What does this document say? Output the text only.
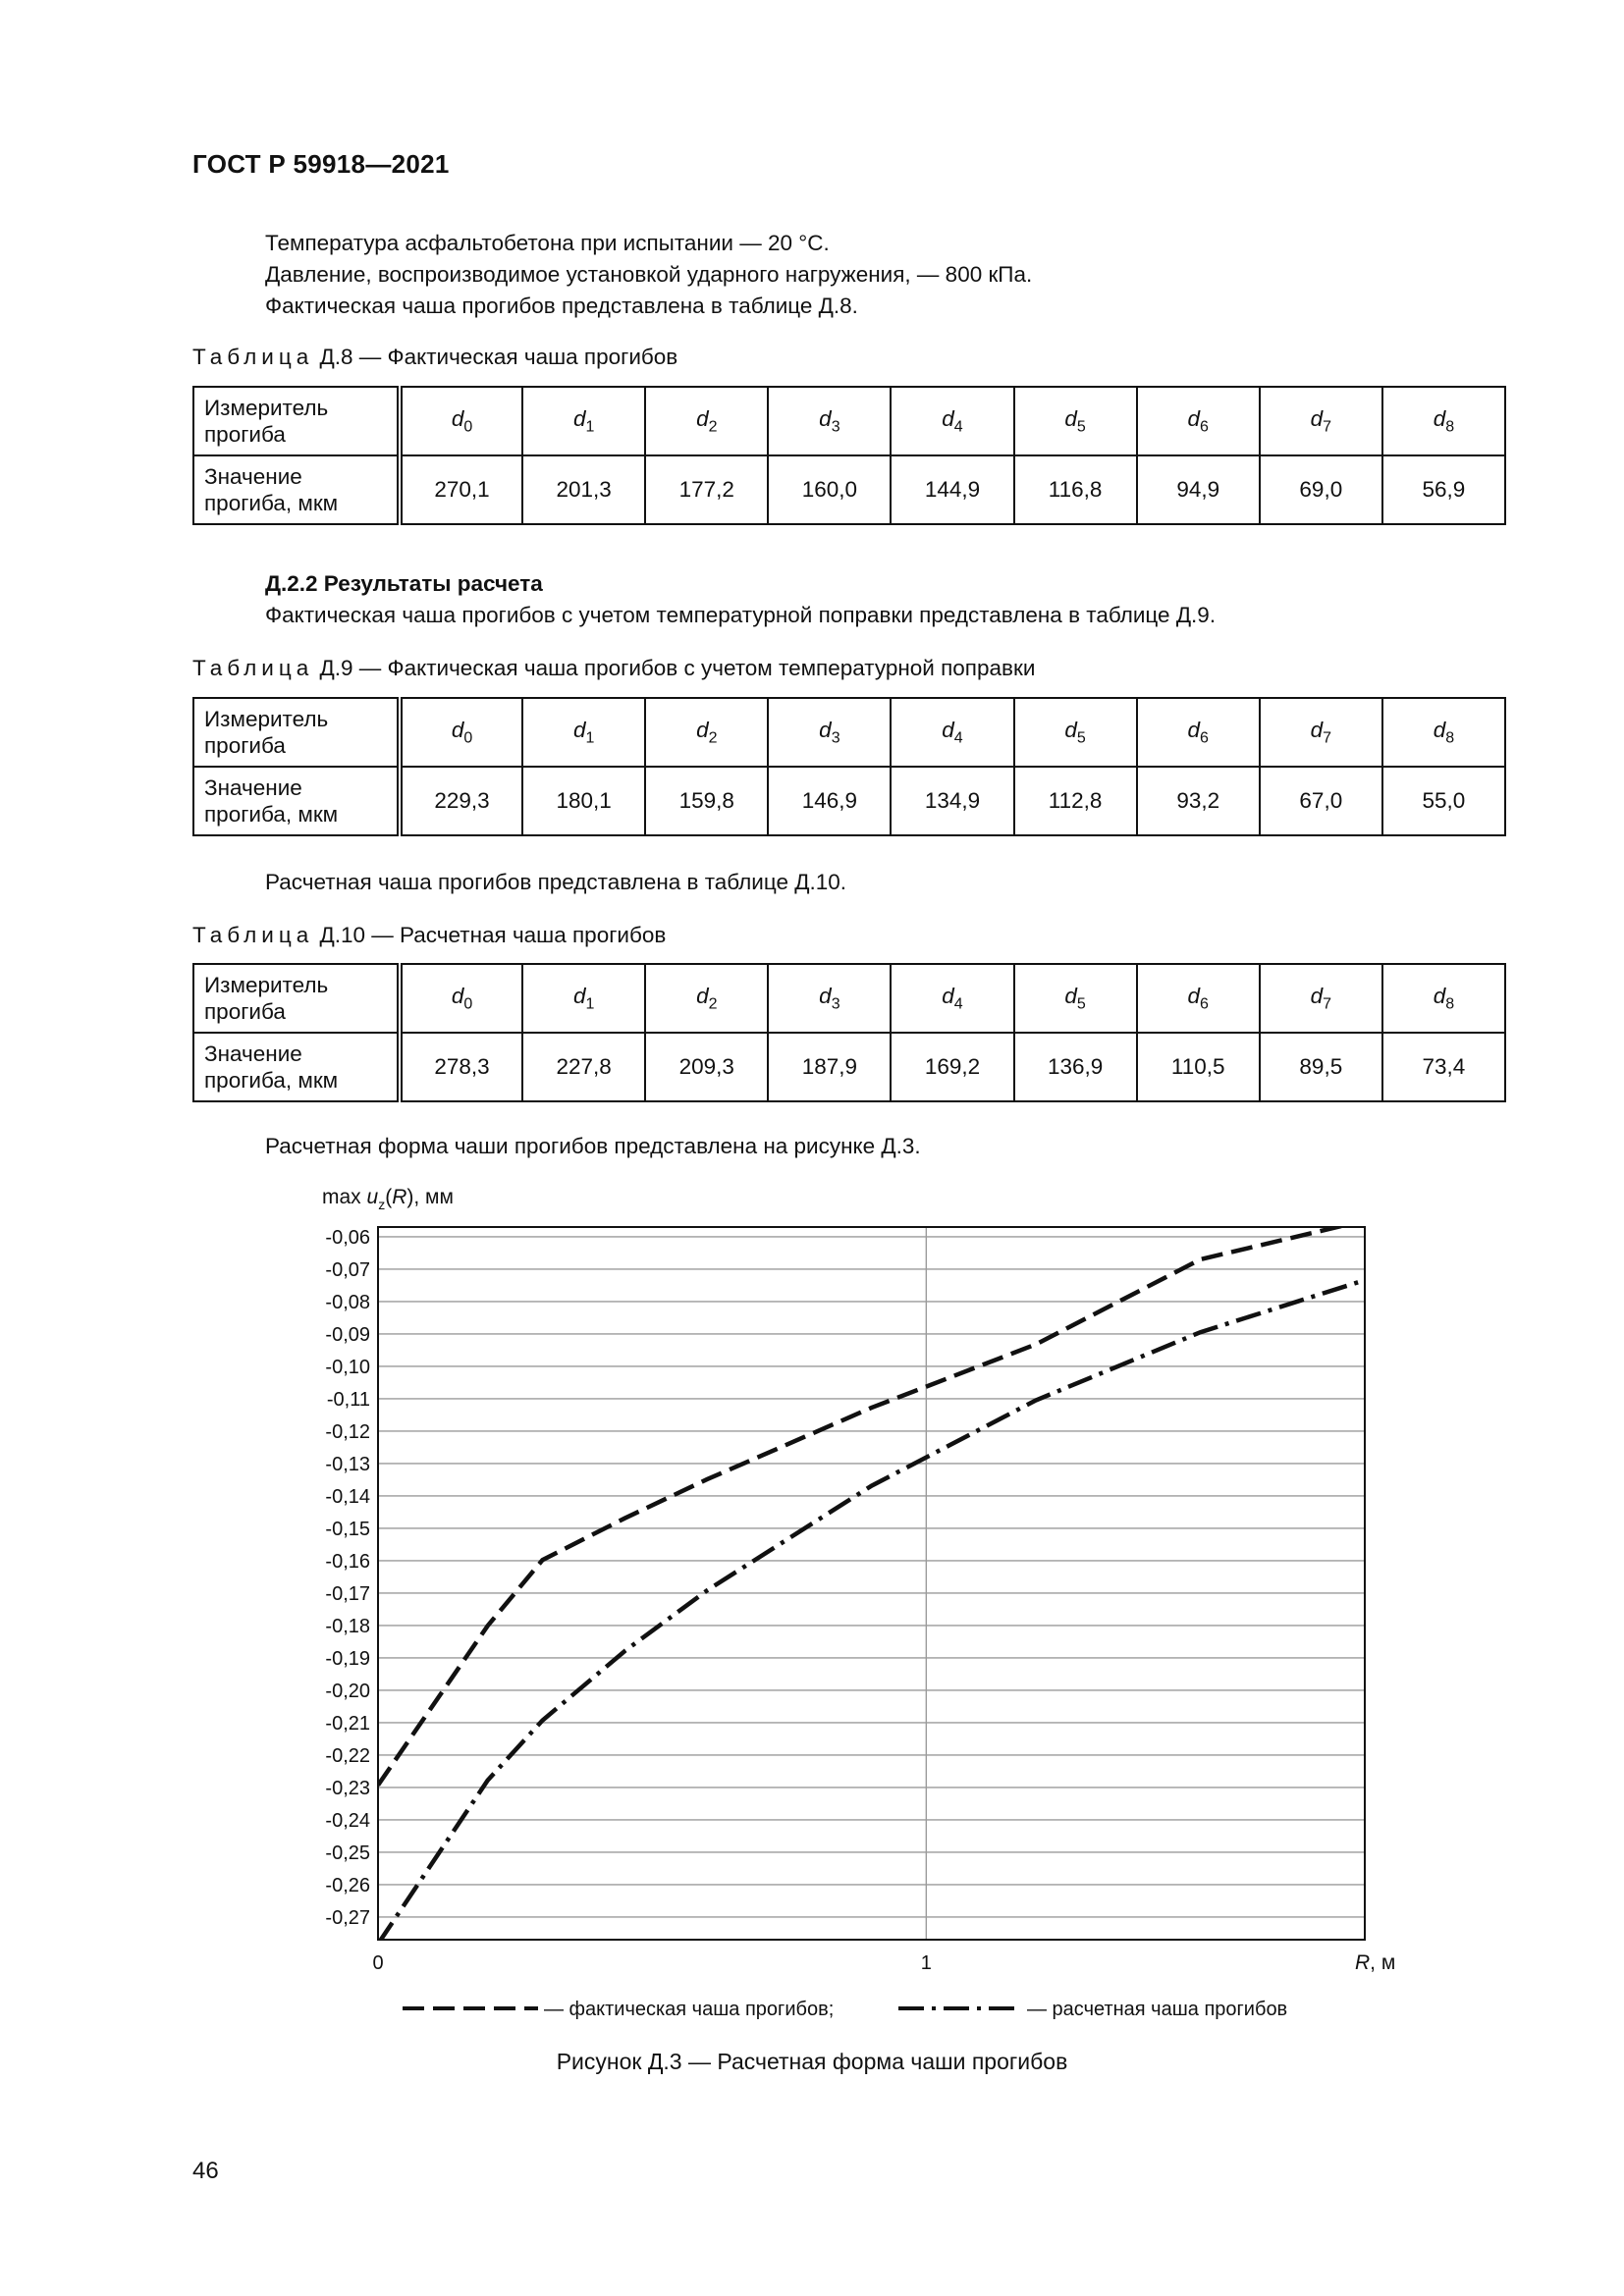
ГОСТ Р 59918—2021
Температура асфальтобетона при испытании — 20 °С.
Давление, воспроизводимое установкой ударного нагружения, — 800 кПа.
Фактическая чаша прогибов представлена в таблице Д.8.
Таблица Д.8 — Фактическая чаша прогибов
Измеритель
прогиба	$d_0$	$d_1$	$d_2$	$d_3$	$d_4$	$d_5$	$d_6$	$d_7$	$d_8$

Значение
прогиба, мкм	270,1	201,3	177,2	160,0	144,9	116,8	94,9	69,0	56,9
Д.2.2 Результаты расчета
Фактическая чаша прогибов с учетом температурной поправки представлена в таблице Д.9.
Таблица Д.9 — Фактическая чаша прогибов с учетом температурной поправки
Измеритель
прогиба	$d_0$	$d_1$	$d_2$	$d_3$	$d_4$	$d_5$	$d_6$	$d_7$	$d_8$

Значение
прогиба, мкм	229,3	180,1	159,8	146,9	134,9	112,8	93,2	67,0	55,0
Расчетная чаша прогибов представлена в таблице Д.10.
Таблица Д.10 — Расчетная чаша прогибов
Измеритель
прогиба	$d_0$	$d_1$	$d_2$	$d_3$	$d_4$	$d_5$	$d_6$	$d_7$	$d_8$

Значение
прогиба, мкм	278,3	227,8	209,3	187,9	169,2	136,9	110,5	89,5	73,4
Расчетная форма чаши прогибов представлена на рисунке Д.3.
-0,06
-0,07
-0,08
-0,09
-0,10
-0,11
-0,12
-0,13
-0,14
-0,15
-0,16
-0,17
-0,18
-0,19
-0,20
-0,21
-0,22
-0,23
-0,24
-0,25
-0,26
-0,27
0	1
$\max u_z(R)$, мм
R, м
— фактическая чаша прогибов;	— расчетная чаша прогибов
Рисунок Д.3 — Расчетная форма чаши прогибов
46
